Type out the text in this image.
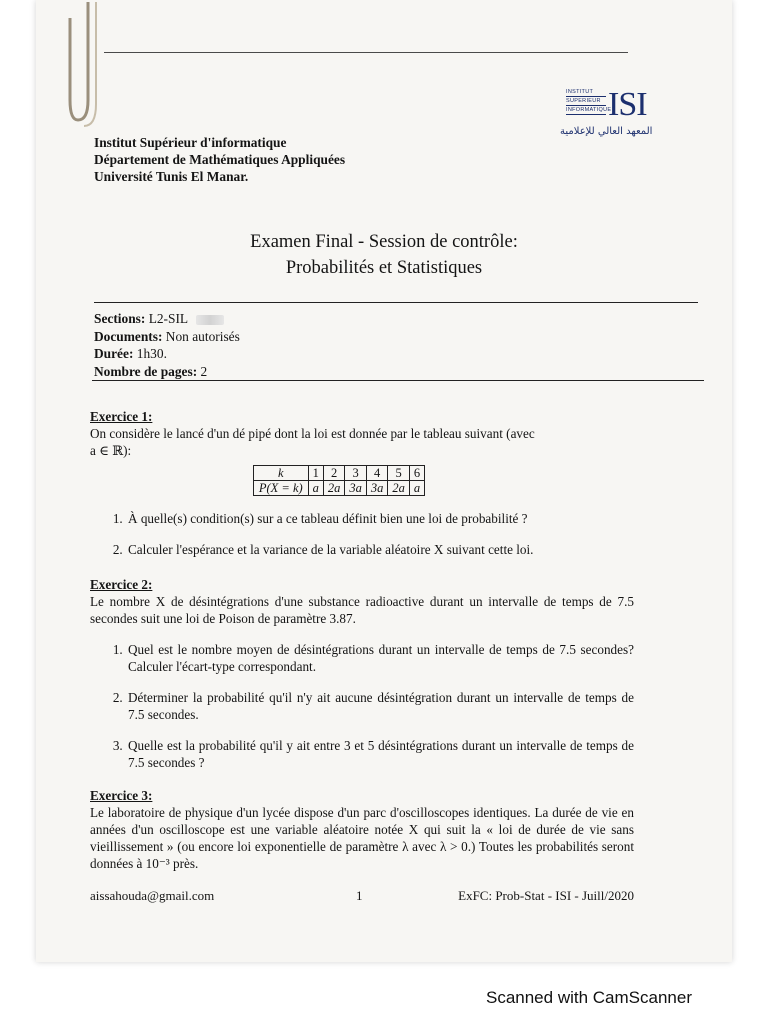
INSTITUT
SUPERIEUR
INFORMATIQUE
ISI
المعهد العالي للإعلامية
Institut Supérieur d'informatique
Département de Mathématiques Appliquées
Université Tunis El Manar.
Examen Final - Session de contrôle:
Probabilités et Statistiques
Sections: L2-SIL
Documents: Non autorisés
Durée: 1h30.
Nombre de pages: 2
Exercice 1:

On considère le lancé d'un dé pipé dont la loi est donnée par le tableau suivant (avec
a ∈ ℝ):

k	1	2	3	4	5	6
P(X = k)	a	2a	3a	3a	2a	a
1. À quelle(s) condition(s) sur a ce tableau définit bien une loi de probabilité ?
2. Calculer l'espérance et la variance de la variable aléatoire X suivant cette loi.
Exercice 2:

Le nombre X de désintégrations d'une substance radioactive durant un intervalle de temps de 7.5 secondes suit une loi de Poison de paramètre 3.87.

1. Quel est le nombre moyen de désintégrations durant un intervalle de temps de 7.5 secondes? Calculer l'écart-type correspondant.
2. Déterminer la probabilité qu'il n'y ait aucune désintégration durant un intervalle de temps de 7.5 secondes.
3. Quelle est la probabilité qu'il y ait entre 3 et 5 désintégrations durant un intervalle de temps de 7.5 secondes ?
Exercice 3:

Le laboratoire de physique d'un lycée dispose d'un parc d'oscilloscopes identiques. La durée de vie en années d'un oscilloscope est une variable aléatoire notée X qui suit la « loi de durée de vie sans vieillissement » (ou encore loi exponentielle de paramètre λ avec λ > 0.) Toutes les probabilités seront données à 10⁻³ près.

aissahouda@gmail.com	1	ExFC: Prob-Stat - ISI - Juill/2020
Scanned with CamScanner
